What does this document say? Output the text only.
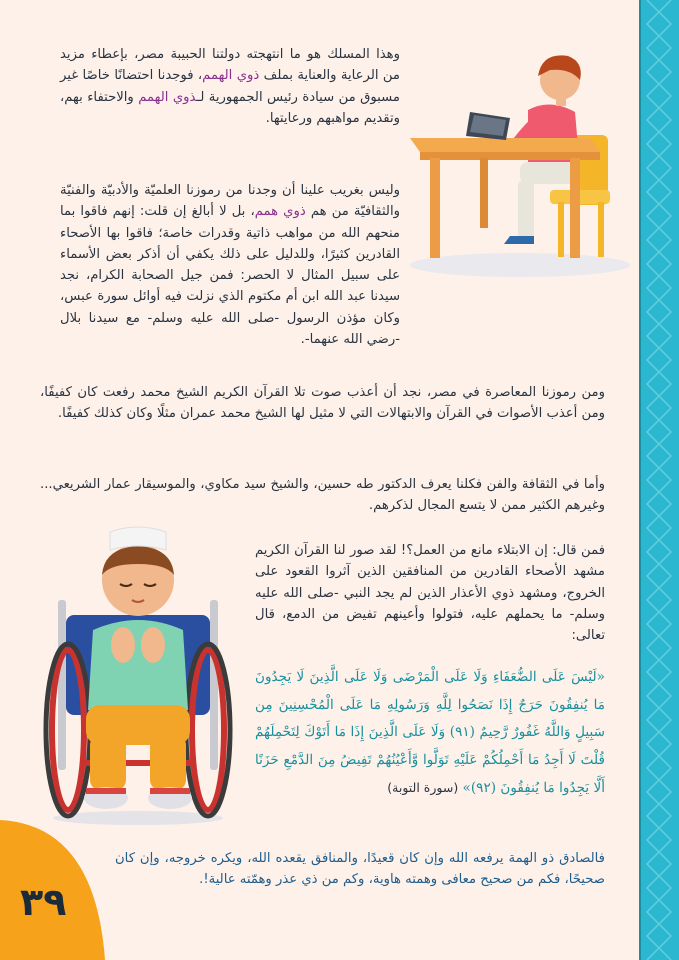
وهذا المسلك هو ما انتهجته دولتنا الحبيبة مصر، بإعطاء مزيد من الرعاية والعناية بملف ذوي الهمم، فوجدنا احتضانًا خاصًا غير مسبوق من سيادة رئيس الجمهورية لـذوي الهمم والاحتفاء بهم، وتقديم مواهبهم ورعايتها.
وليس بغريب علينا أن وجدنا من رموزنا العلميّة والأدبيّة والفنيّة والثقافيّة من هم ذوي همم، بل لا أبالغ إن قلت: إنهم فاقوا بما منحهم الله من مواهب ذاتية وقدرات خاصة؛ فاقوا بها الأصحاء القادرين كثيرًا، وللدليل على ذلك يكفي أن أذكر بعض الأسماء على سبيل المثال لا الحصر: فمن جيل الصحابة الكرام، نجد سيدنا عبد الله ابن أم مكتوم الذي نزلت فيه أوائل سورة عبس، وكان مؤذن الرسول -صلى الله عليه وسلم- مع سيدنا بلال -رضي الله عنهما-.
ومن رموزنا المعاصرة في مصر، نجد أن أعذب صوت تلا القرآن الكريم الشيخ محمد رفعت كان كفيفًا، ومن أعذب الأصوات في القرآن والابتهالات التي لا مثيل لها الشيخ محمد عمران مثلًا وكان كذلك كفيفًا.
وأما في الثقافة والفن فكلنا يعرف الدكتور طه حسين، والشيخ سيد مكاوي، والموسيقار عمار الشريعي... وغيرهم الكثير ممن لا يتسع المجال لذكرهم.
فمن قال: إن الابتلاء مانع من العمل؟! لقد صور لنا القرآن الكريم مشهد الأصحاء القادرين من المنافقين الذين آثروا القعود على الخروج، ومشهد ذوي الأعذار الذين لم يجد النبي -صلى الله عليه وسلم- ما يحملهم عليه، فتولوا وأعينهم تفيض من الدمع، قال تعالى:
«لَيْسَ عَلَى الضُّعَفَاءِ وَلَا عَلَى الْمَرْضَى وَلَا عَلَى الَّذِينَ لَا يَجِدُونَ مَا يُنفِقُونَ حَرَجٌ إِذَا نَصَحُوا لِلَّهِ وَرَسُولِهِ مَا عَلَى الْمُحْسِنِينَ مِن سَبِيلٍ وَاللَّهُ غَفُورٌ رَّحِيمٌ (٩١) وَلَا عَلَى الَّذِينَ إِذَا مَا أَتَوْكَ لِتَحْمِلَهُمْ قُلْتَ لَا أَجِدُ مَا أَحْمِلُكُمْ عَلَيْهِ تَوَلَّوا وَّأَعْيُنُهُمْ تَفِيضُ مِنَ الدَّمْعِ حَزَنًا أَلَّا يَجِدُوا مَا يُنفِقُونَ (٩٢)» (سورة التوبة)
فالصادق ذو الهمة يرفعه الله وإن كان قعيدًا، والمنافق يقعده الله، ويكره خروجه، وإن كان صحيحًا، فكم من صحيح معافى وهمته هاوية، وكم من ذي عذر وهمّته عالية!.
٣٩
